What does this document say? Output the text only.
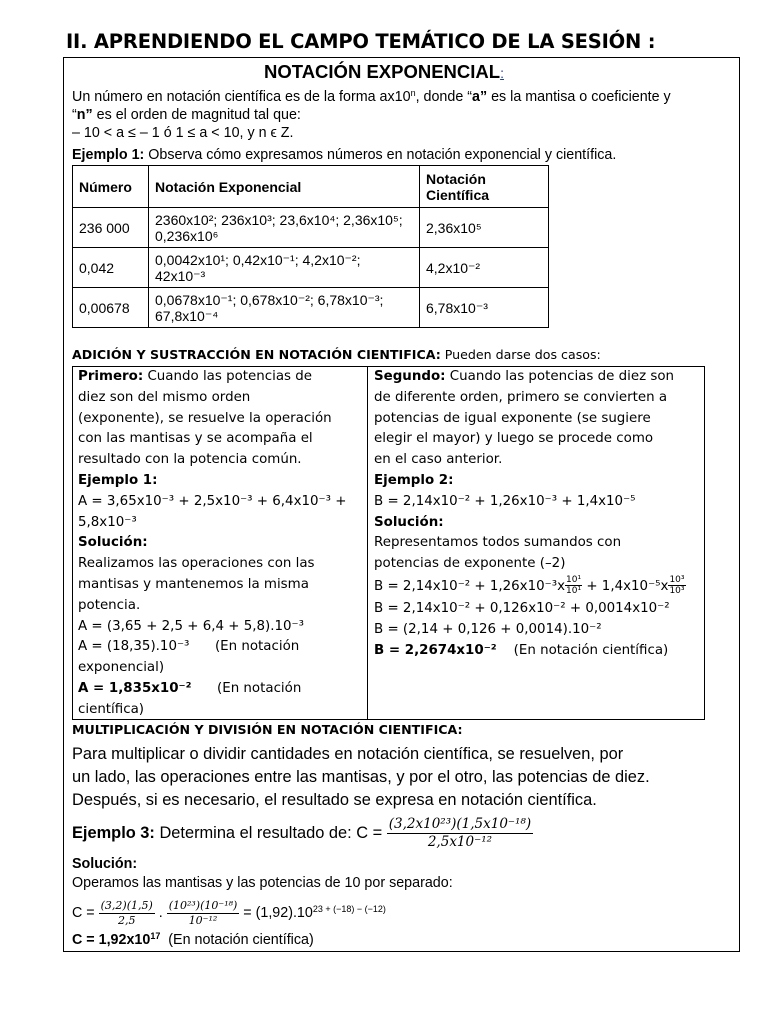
II. APRENDIENDO EL CAMPO TEMÁTICO DE LA SESIÓN :
NOTACIÓN EXPONENCIAL:
Un número en notación científica es de la forma ax10$^n$, donde “a” es la mantisa o coeficiente y
“n” es el orden de magnitud tal que:
– 10 < a ≤ – 1 ó 1 ≤ a < 10, y n ϵ Z.
Ejemplo 1: Observa cómo expresamos números en notación exponencial y científica.
Número	Notación Exponencial	Notación Científica
236 000	2360x10²; 236x10³; 23,6x10⁴; 2,36x10⁵; 0,236x10⁶	2,36x10⁵
0,042	0,0042x10¹; 0,42x10⁻¹; 4,2x10⁻²; 42x10⁻³	4,2x10⁻²
0,00678	0,0678x10⁻¹; 0,678x10⁻²; 6,78x10⁻³; 67,8x10⁻⁴	6,78x10⁻³
ADICIÓN Y SUSTRACCIÓN EN NOTACIÓN CIENTIFICA: Pueden darse dos casos:
Primero: Cuando las potencias de
diez son del mismo orden
(exponente), se resuelve la operación
con las mantisas y se acompaña el
resultado con la potencia común.
Ejemplo 1:
A = 3,65x10⁻³ + 2,5x10⁻³ + 6,4x10⁻³ +
5,8x10⁻³
Solución:
Realizamos las operaciones con las
mantisas y mantenemos la misma
potencia.
A = (3,65 + 2,5 + 6,4 + 5,8).10⁻³
A = (18,35).10⁻³      (En notación
exponencial)
A = 1,835x10⁻²      (En notación
científica)
Segundo: Cuando las potencias de diez son
de diferente orden, primero se convierten a
potencias de igual exponente (se sugiere
elegir el mayor) y luego se procede como
en el caso anterior.
Ejemplo 2:
B = 2,14x10⁻² + 1,26x10⁻³ + 1,4x10⁻⁵
Solución:
Representamos todos sumandos con
potencias de exponente (–2)
$B = 2,14x10^{-2} + 1,26x10^{-3}x \frac{\text{10¹}}{\text{10¹}} + 1,4x10^{-5}x \frac{\text{10³}}{\text{10³}}$
B = 2,14x10⁻² + 0,126x10⁻² + 0,0014x10⁻²
B = (2,14 + 0,126 + 0,0014).10⁻²
B = 2,2674x10⁻²    (En notación científica)
MULTIPLICACIÓN Y DIVISIÓN EN NOTACIÓN CIENTIFICA:
Para multiplicar o dividir cantidades en notación científica, se resuelven, por
un lado, las operaciones entre las mantisas, y por el otro, las potencias de diez.
Después, si es necesario, el resultado se expresa en notación científica.
Ejemplo 3: Determina el resultado de: $C = \frac{\text{(3,2x10²³)(1,5x10⁻¹⁸)}}{\text{2,5x10⁻¹²}}$
Solución:
Operamos las mantisas y las potencias de 10 por separado:
$C = \frac{(3,2)(1,5)}{2,5}$ . $\frac{\text{(10²³)(10⁻¹⁸)}}{\text{10⁻¹²}} = (1,92).10^{23 + (-18) - (-12)}$
$C = 1,92x10^{17}$  (En notación científica)
